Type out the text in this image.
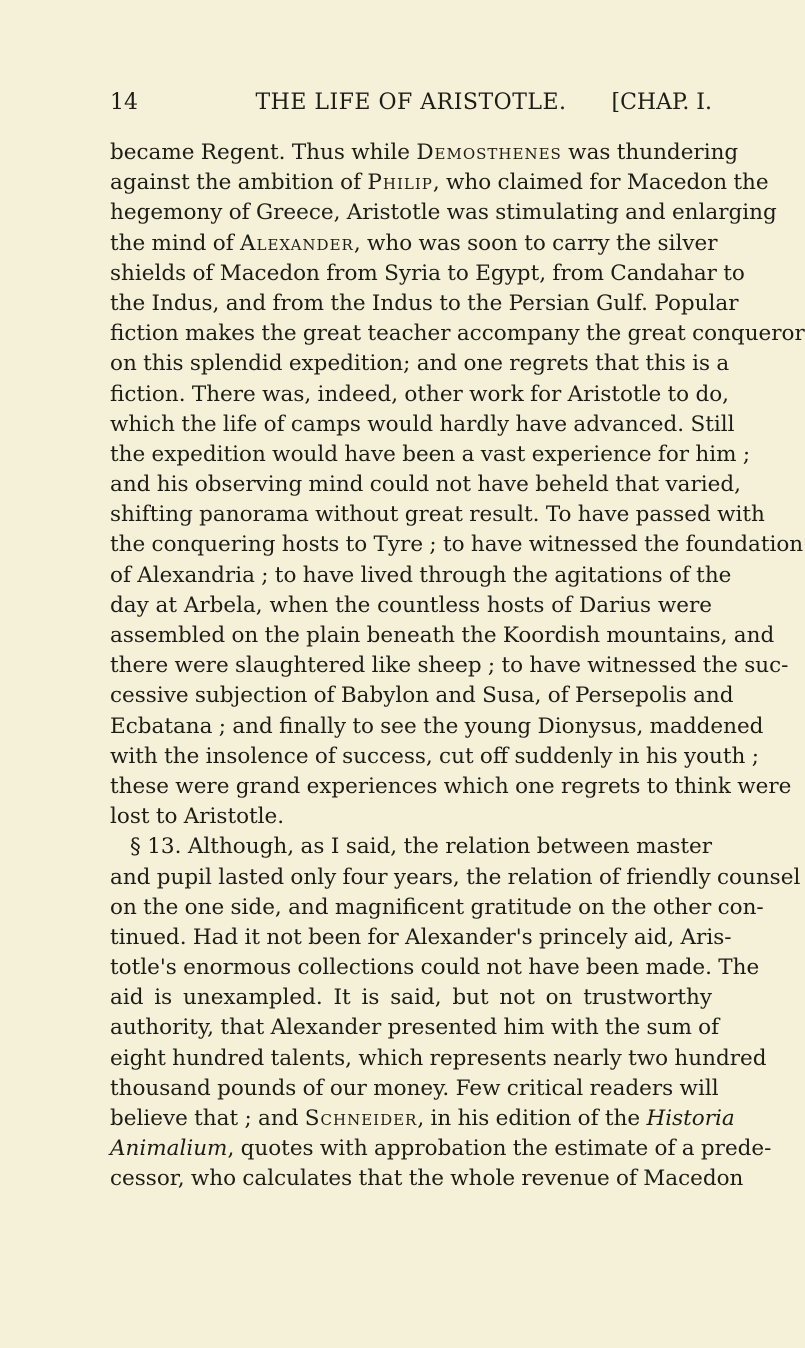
14	THE LIFE OF ARISTOTLE.	[CHAP. I.
became Regent. Thus while Demosthenes was thundering
against the ambition of Philip, who claimed for Macedon the
hegemony of Greece, Aristotle was stimulating and enlarging
the mind of Alexander, who was soon to carry the silver
shields of Macedon from Syria to Egypt, from Candahar to
the Indus, and from the Indus to the Persian Gulf. Popular
fiction makes the great teacher accompany the great conqueror
on this splendid expedition; and one regrets that this is a
fiction. There was, indeed, other work for Aristotle to do,
which the life of camps would hardly have advanced. Still
the expedition would have been a vast experience for him ;
and his observing mind could not have beheld that varied,
shifting panorama without great result. To have passed with
the conquering hosts to Tyre ; to have witnessed the foundation
of Alexandria ; to have lived through the agitations of the
day at Arbela, when the countless hosts of Darius were
assembled on the plain beneath the Koordish mountains, and
there were slaughtered like sheep ; to have witnessed the suc-
cessive subjection of Babylon and Susa, of Persepolis and
Ecbatana ; and finally to see the young Dionysus, maddened
with the insolence of success, cut off suddenly in his youth ;
these were grand experiences which one regrets to think were
lost to Aristotle.
§ 13. Although, as I said, the relation between master
and pupil lasted only four years, the relation of friendly counsel
on the one side, and magnificent gratitude on the other con-
tinued. Had it not been for Alexander's princely aid, Aris-
totle's enormous collections could not have been made. The
aid is unexampled. It is said, but not on trustworthy
authority, that Alexander presented him with the sum of
eight hundred talents, which represents nearly two hundred
thousand pounds of our money. Few critical readers will
believe that ; and Schneider, in his edition of the Historia
Animalium, quotes with approbation the estimate of a prede-
cessor, who calculates that the whole revenue of Macedon
